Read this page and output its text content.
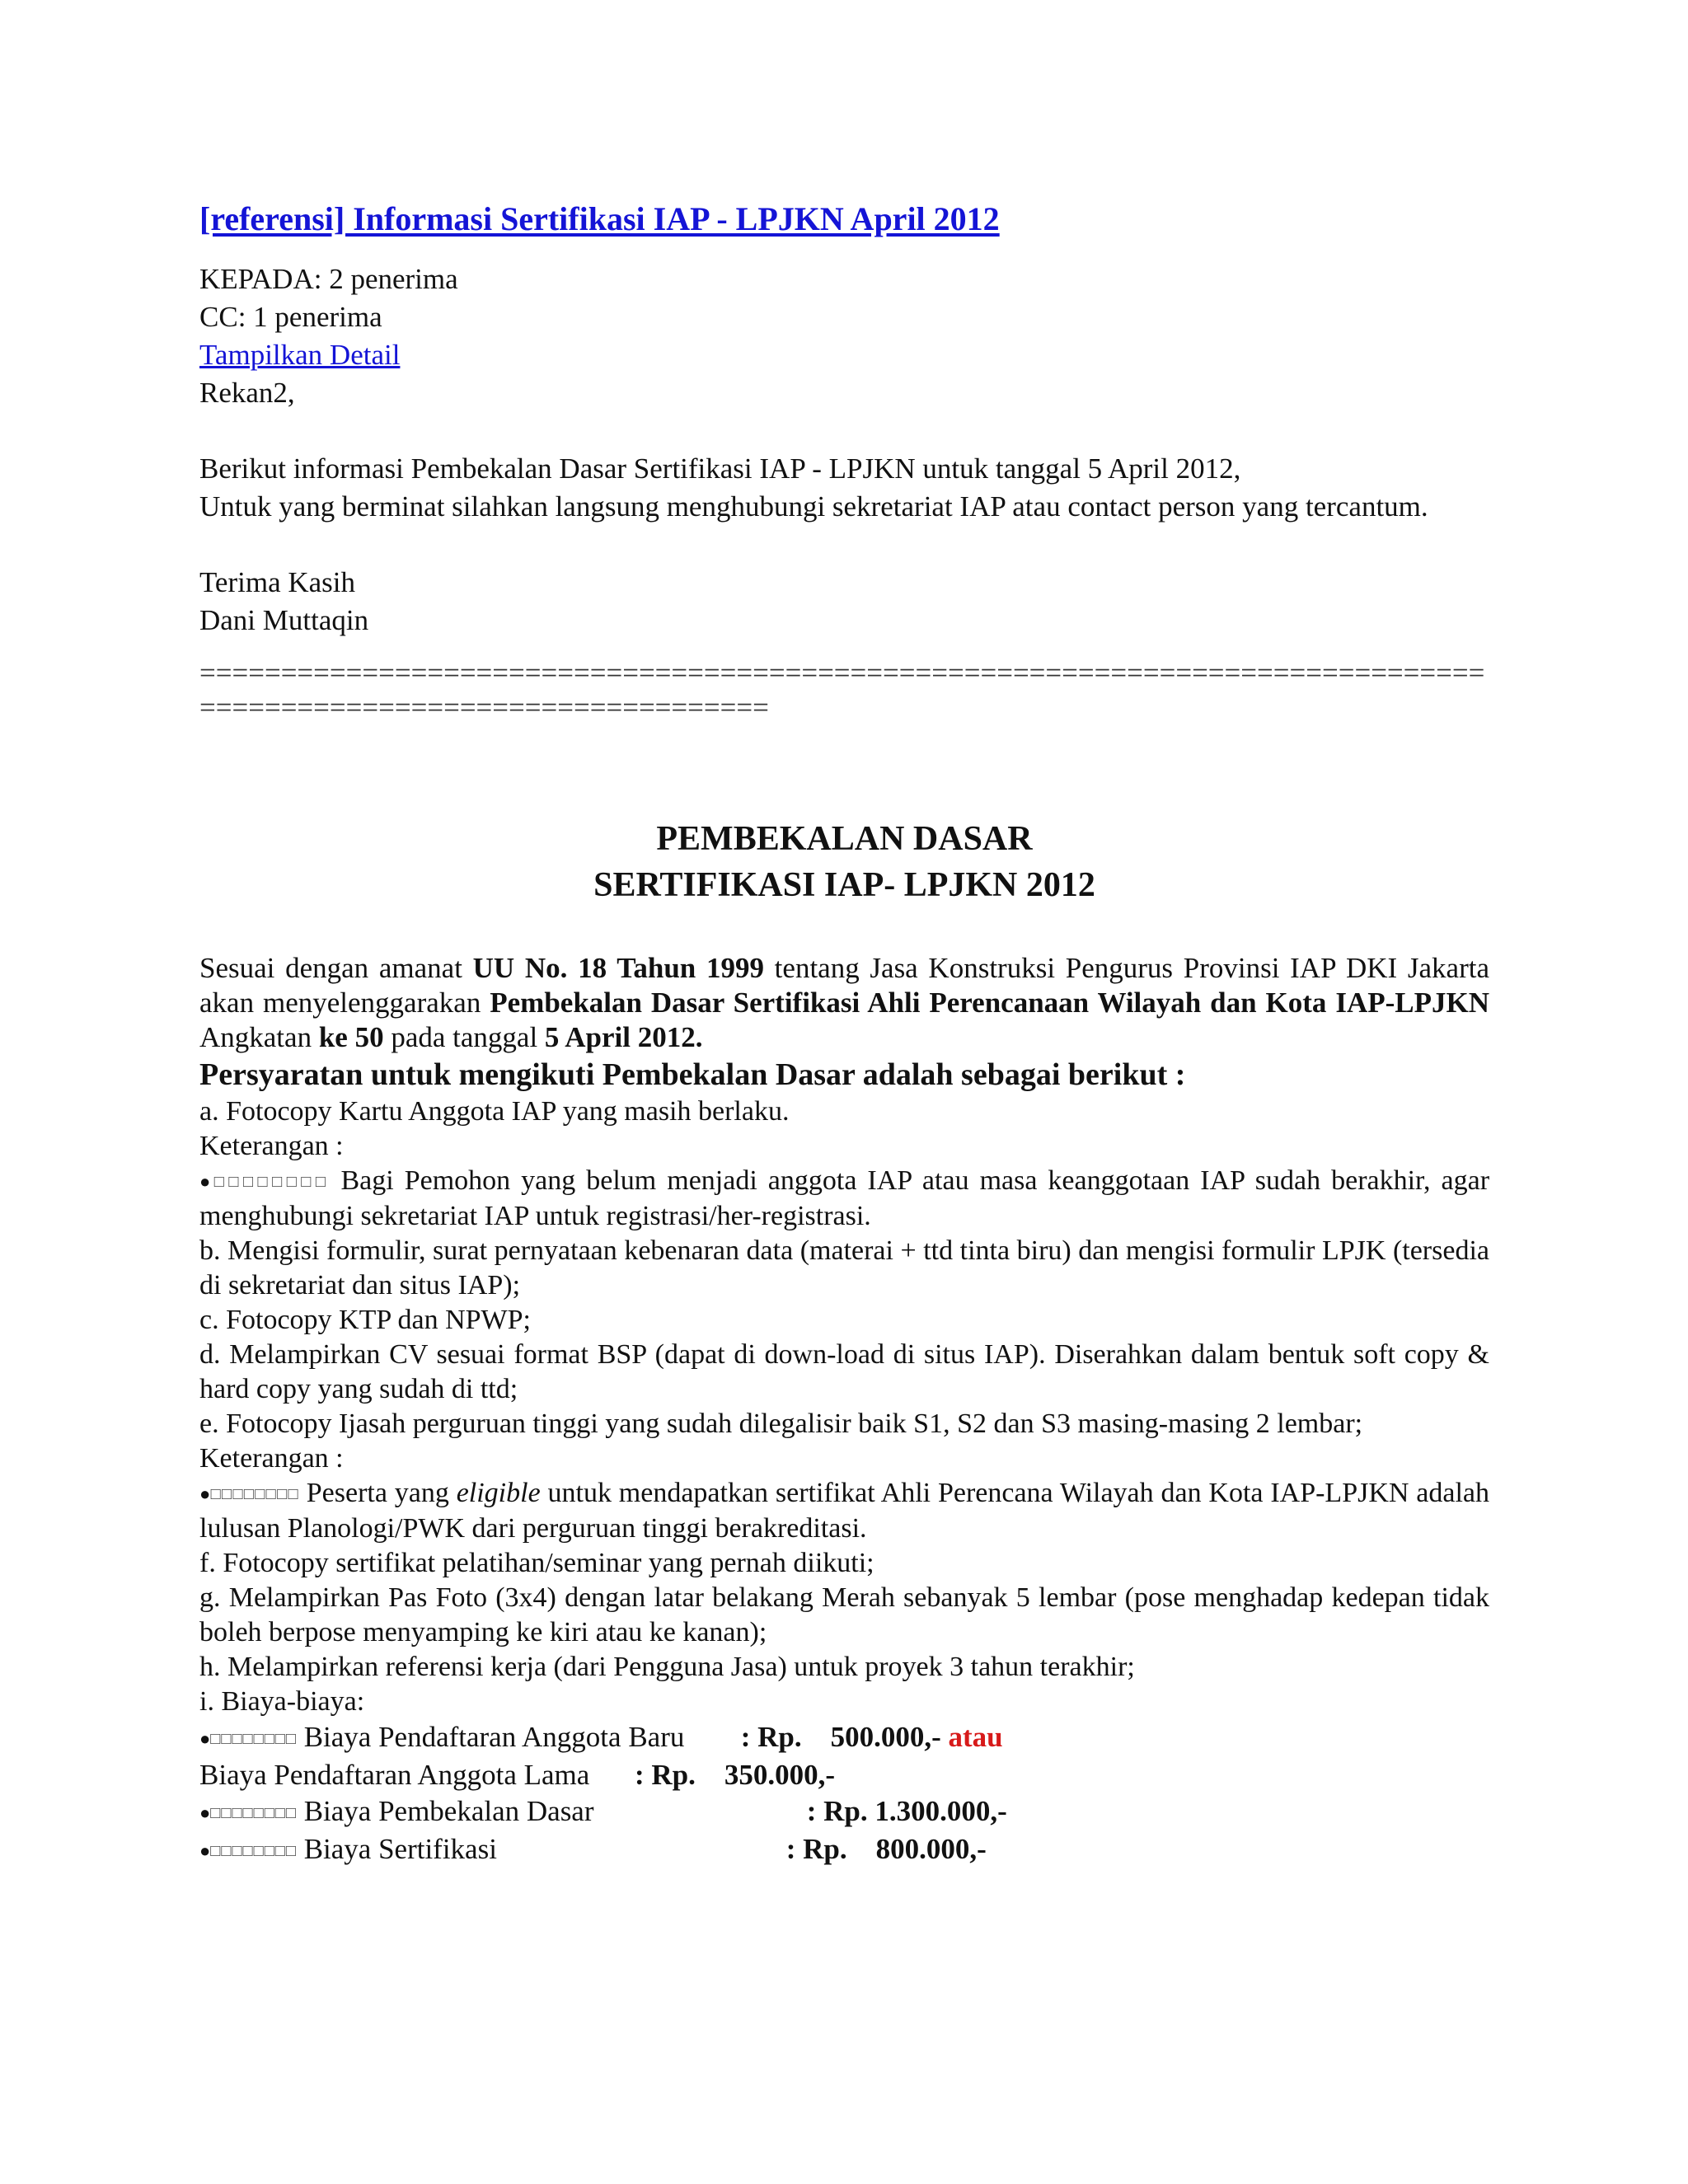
[referensi] Informasi Sertifikasi IAP - LPJKN April 2012

KEPADA: 2 penerima

CC: 1 penerima

Tampilkan Detail

Rekan2,

Berikut informasi Pembekalan Dasar Sertifikasi IAP - LPJKN untuk tanggal 5 April 2012,

Untuk yang berminat silahkan langsung menghubungi sekretariat IAP atau contact person yang tercantum.

Terima Kasih

Dani Muttaqin

==================================================================================================================
PEMBEKALAN DASAR
SERTIFIKASI IAP- LPJKN 2012

Sesuai dengan amanat UU No. 18 Tahun 1999 tentang Jasa Konstruksi Pengurus Provinsi IAP DKI Jakarta akan menyelenggarakan Pembekalan Dasar Sertifikasi Ahli Perencanaan Wilayah dan Kota IAP-LPJKN Angkatan ke 50 pada tanggal 5 April 2012.

Persyaratan untuk mengikuti Pembekalan Dasar adalah sebagai berikut :

a. Fotocopy Kartu Anggota IAP yang masih berlaku.

Keterangan :

●□□□□□□□□ Bagi Pemohon yang belum menjadi anggota IAP atau masa keanggotaan IAP sudah berakhir, agar menghubungi sekretariat IAP untuk registrasi/her-registrasi.

b. Mengisi formulir, surat pernyataan kebenaran data (materai + ttd tinta biru) dan mengisi formulir LPJK (tersedia di sekretariat dan situs IAP);

c. Fotocopy KTP dan NPWP;

d. Melampirkan CV sesuai format BSP (dapat di down-load di situs IAP). Diserahkan dalam bentuk soft copy & hard copy yang sudah di ttd;

e. Fotocopy Ijasah perguruan tinggi yang sudah dilegalisir baik S1, S2 dan S3 masing-masing 2 lembar;

Keterangan :

●□□□□□□□□ Peserta yang eligible untuk mendapatkan sertifikat Ahli Perencana Wilayah dan Kota IAP-LPJKN adalah lulusan Planologi/PWK dari perguruan tinggi berakreditasi.

f. Fotocopy sertifikat pelatihan/seminar yang pernah diikuti;

g. Melampirkan Pas Foto (3x4) dengan latar belakang Merah sebanyak 5 lembar (pose menghadap kedepan tidak boleh berpose menyamping ke kiri atau ke kanan);

h. Melampirkan referensi kerja (dari Pengguna Jasa) untuk proyek 3 tahun terakhir;

i. Biaya-biaya:

●□□□□□□□□ Biaya Pendaftaran Anggota Baru : Rp.    500.000,- atau

Biaya Pendaftaran Anggota Lama : Rp.    350.000,-

●□□□□□□□□ Biaya Pembekalan Dasar	: Rp. 1.300.000,-

●□□□□□□□□ Biaya Sertifikasi	: Rp.    800.000,-
